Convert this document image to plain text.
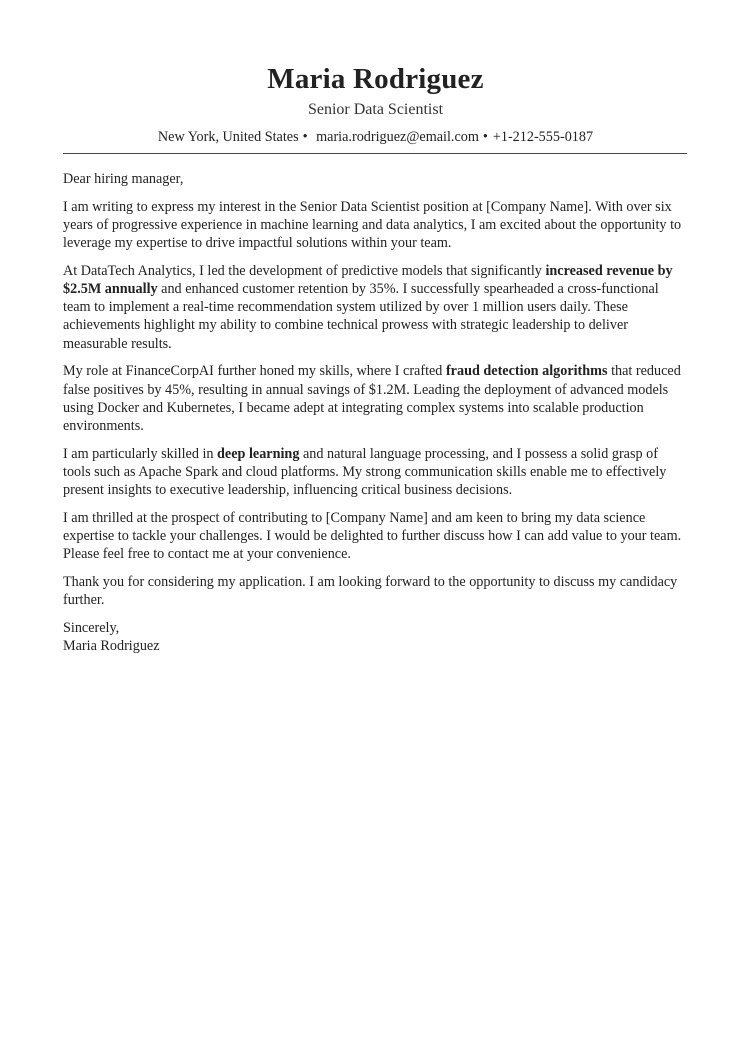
Maria Rodriguez
Senior Data Scientist
New York, United States • maria.rodriguez@email.com • +1-212-555-0187

Dear hiring manager,

I am writing to express my interest in the Senior Data Scientist position at [Company Name]. With over six years of progressive experience in machine learning and data analytics, I am excited about the opportunity to leverage my expertise to drive impactful solutions within your team.

At DataTech Analytics, I led the development of predictive models that significantly increased revenue by $2.5M annually and enhanced customer retention by 35%. I successfully spearheaded a cross-functional team to implement a real-time recommendation system utilized by over 1 million users daily. These achievements highlight my ability to combine technical prowess with strategic leadership to deliver measurable results.

My role at FinanceCorpAI further honed my skills, where I crafted fraud detection algorithms that reduced false positives by 45%, resulting in annual savings of $1.2M. Leading the deployment of advanced models using Docker and Kubernetes, I became adept at integrating complex systems into scalable production environments.

I am particularly skilled in deep learning and natural language processing, and I possess a solid grasp of tools such as Apache Spark and cloud platforms. My strong communication skills enable me to effectively present insights to executive leadership, influencing critical business decisions.

I am thrilled at the prospect of contributing to [Company Name] and am keen to bring my data science expertise to tackle your challenges. I would be delighted to further discuss how I can add value to your team. Please feel free to contact me at your convenience.

Thank you for considering my application. I am looking forward to the opportunity to discuss my candidacy further.

Sincerely,
Maria Rodriguez
